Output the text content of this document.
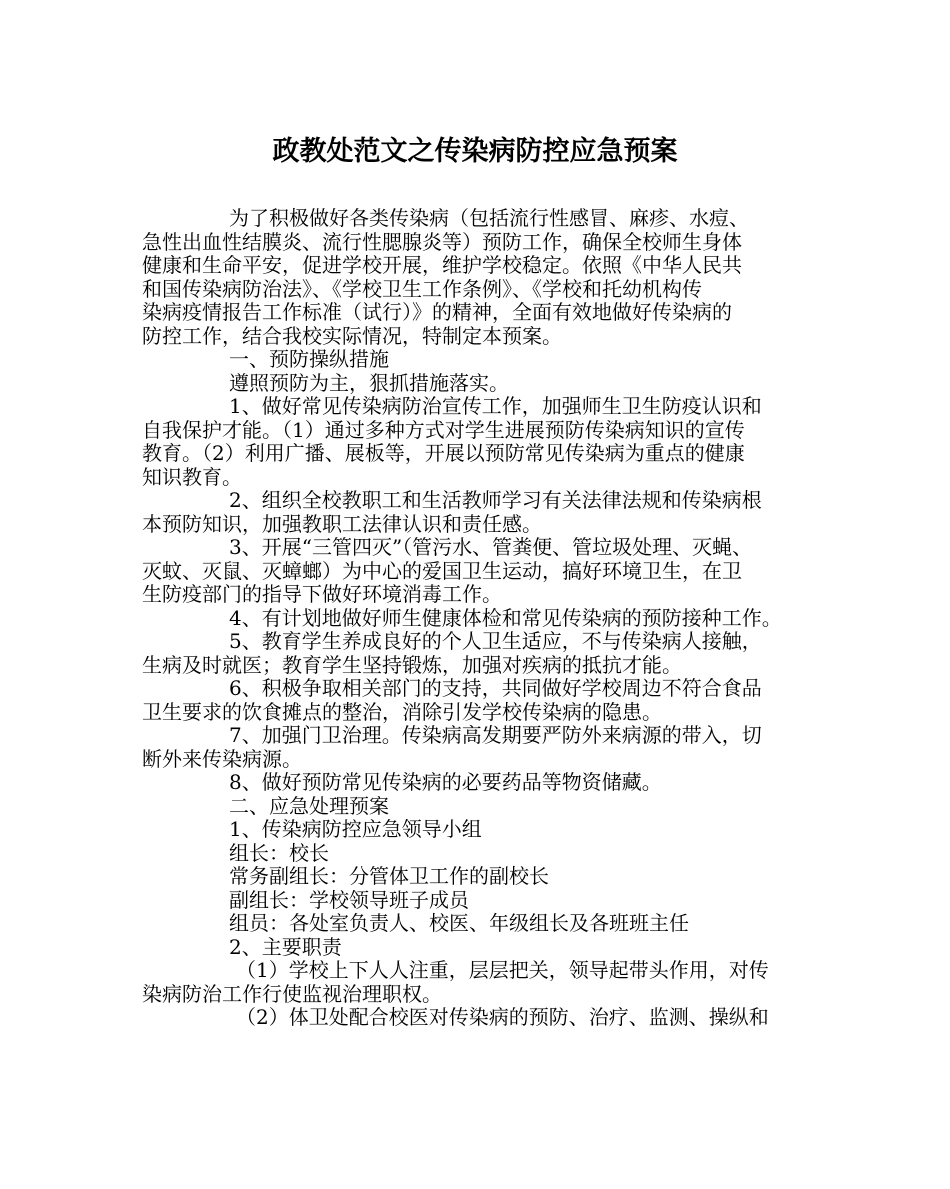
政教处范文之传染病防控应急预案

为了积极做好各类传染病（包括流行性感冒、麻疹、水痘、

急性出血性结膜炎、流行性腮腺炎等）预防工作，确保全校师生身体

健康和生命平安，促进学校开展，维护学校稳定。依照《中华人民共

和国传染病防治法》、《学校卫生工作条例》、《学校和托幼机构传

染病疫情报告工作标准（试行）》的精神，全面有效地做好传染病的

防控工作，结合我校实际情况，特制定本预案。

一、预防操纵措施

遵照预防为主，狠抓措施落实。

1、做好常见传染病防治宣传工作，加强师生卫生防疫认识和

自我保护才能。（1）通过多种方式对学生进展预防传染病知识的宣传

教育。（2）利用广播、展板等，开展以预防常见传染病为重点的健康

知识教育。

2、组织全校教职工和生活教师学习有关法律法规和传染病根

本预防知识，加强教职工法律认识和责任感。

3、开展“三管四灭”（管污水、管粪便、管垃圾处理、灭蝇、

灭蚊、灭鼠、灭蟑螂）为中心的爱国卫生运动，搞好环境卫生，在卫

生防疫部门的指导下做好环境消毒工作。

4、有计划地做好师生健康体检和常见传染病的预防接种工作。

5、教育学生养成良好的个人卫生适应，不与传染病人接触，

生病及时就医；教育学生坚持锻炼，加强对疾病的抵抗才能。

6、积极争取相关部门的支持，共同做好学校周边不符合食品

卫生要求的饮食摊点的整治，消除引发学校传染病的隐患。

7、加强门卫治理。传染病高发期要严防外来病源的带入，切

断外来传染病源。

8、做好预防常见传染病的必要药品等物资储藏。

二、应急处理预案

1、传染病防控应急领导小组

组长：校长

常务副组长：分管体卫工作的副校长

副组长：学校领导班子成员

组员：各处室负责人、校医、年级组长及各班班主任

2、主要职责

（1）学校上下人人注重，层层把关，领导起带头作用，对传

染病防治工作行使监视治理职权。

（2）体卫处配合校医对传染病的预防、治疗、监测、操纵和
